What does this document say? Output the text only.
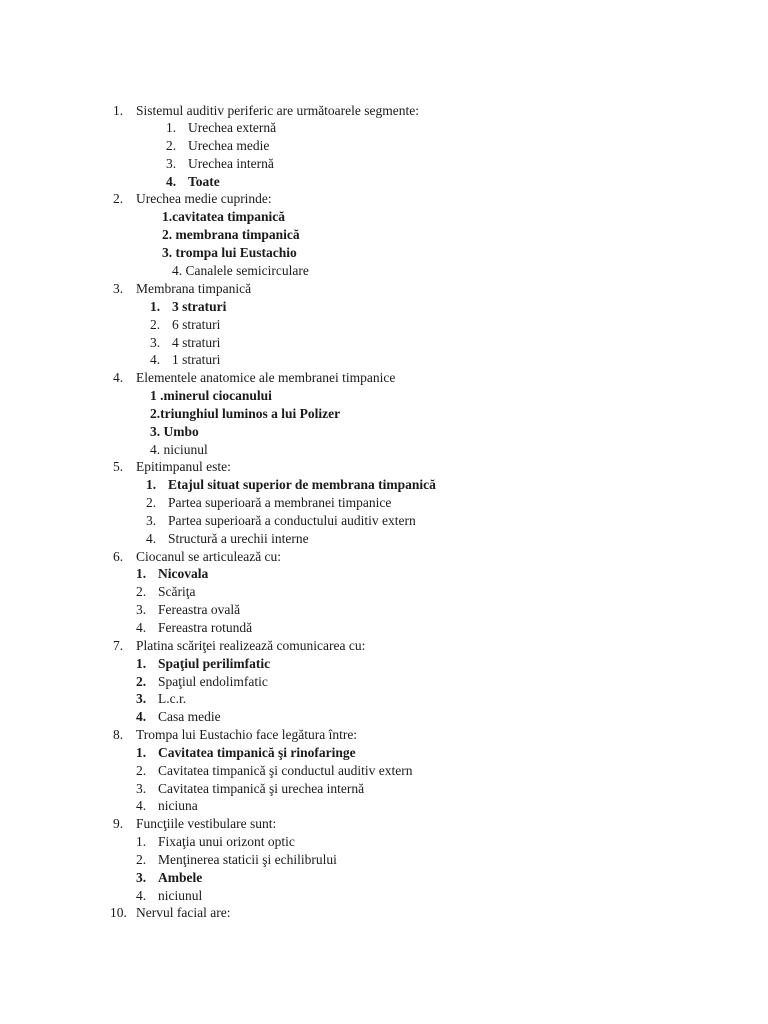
1. Sistemul auditiv periferic are următoarele segmente:
1. Urechea externă
2. Urechea medie
3. Urechea internă
4. Toate
2. Urechea medie cuprinde:
1.cavitatea timpanică
2. membrana timpanică
3. trompa lui Eustachio
4. Canalele semicirculare
3. Membrana timpanică
1. 3 straturi
2. 6 straturi
3. 4 straturi
4. 1 straturi
4. Elementele anatomice ale membranei timpanice
1 .minerul ciocanului
2.triunghiul luminos a lui Polizer
3. Umbo
4. niciunul
5. Epitimpanul este:
1. Etajul situat superior de membrana timpanică
2. Partea superioară a membranei timpanice
3. Partea superioară a conductului auditiv extern
4. Structură a urechii interne
6. Ciocanul se articulează cu:
1. Nicovala
2. Scăriţa
3. Fereastra ovală
4. Fereastra rotundă
7. Platina scăriţei realizează comunicarea cu:
1. Spaţiul perilimfatic
2. Spaţiul endolimfatic
3. L.c.r.
4. Casa medie
8. Trompa lui Eustachio face legătura între:
1. Cavitatea timpanică şi rinofaringe
2. Cavitatea timpanică şi conductul auditiv extern
3. Cavitatea timpanică şi urechea internă
4. niciuna
9. Funcţiile vestibulare sunt:
1. Fixaţia unui orizont optic
2. Menţinerea staticii şi echilibrului
3. Ambele
4. niciunul
10. Nervul facial are:
